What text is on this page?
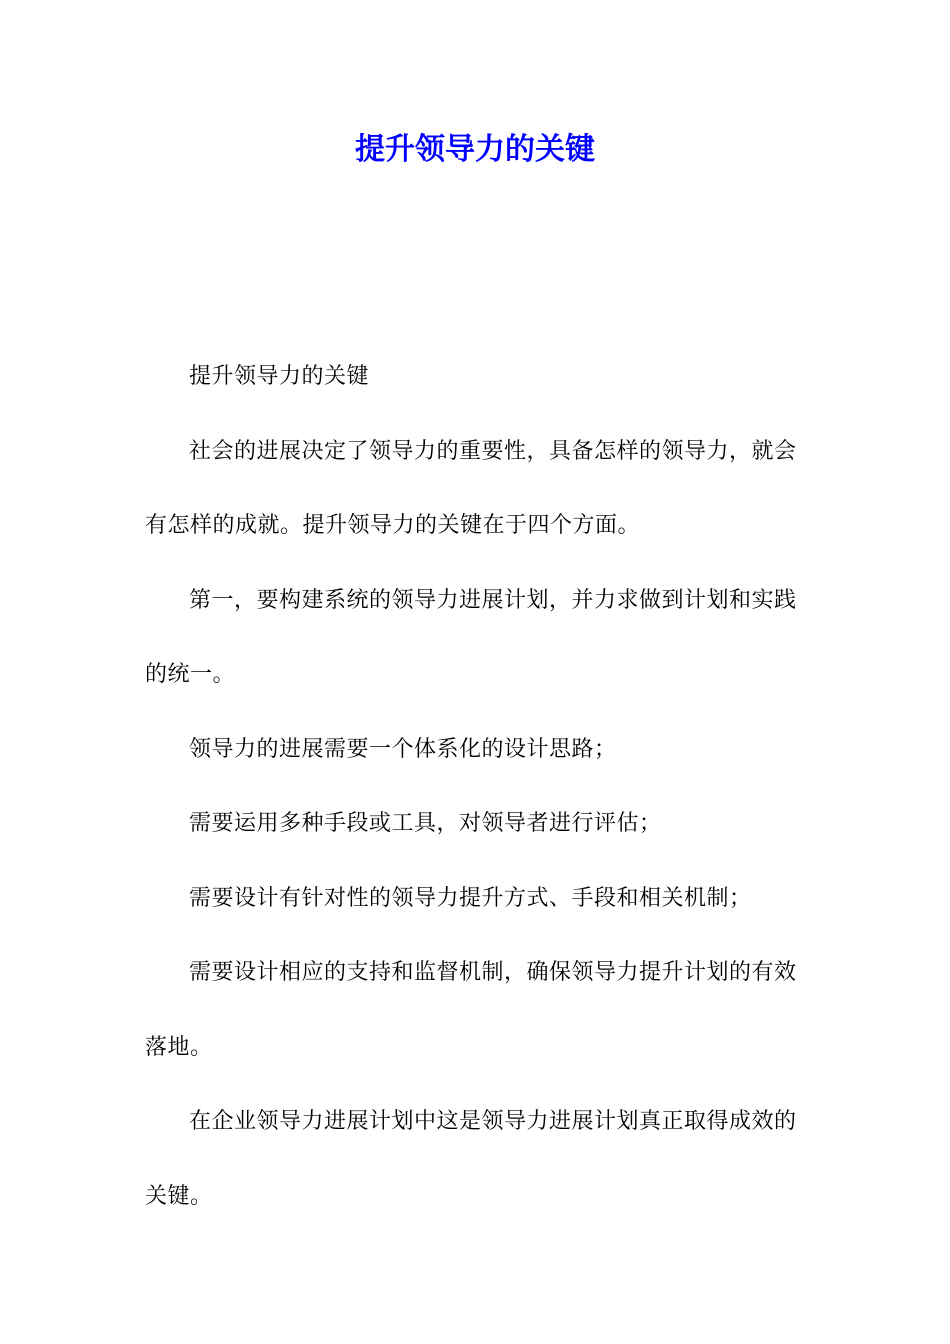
提升领导力的关键

提升领导力的关键

社会的进展决定了领导力的重要性，具备怎样的领导力，就会有怎样的成就。提升领导力的关键在于四个方面。

第一，要构建系统的领导力进展计划，并力求做到计划和实践的统一。

领导力的进展需要一个体系化的设计思路；

需要运用多种手段或工具，对领导者进行评估；

需要设计有针对性的领导力提升方式、手段和相关机制；

需要设计相应的支持和监督机制，确保领导力提升计划的有效落地。

在企业领导力进展计划中这是领导力进展计划真正取得成效的关键。
